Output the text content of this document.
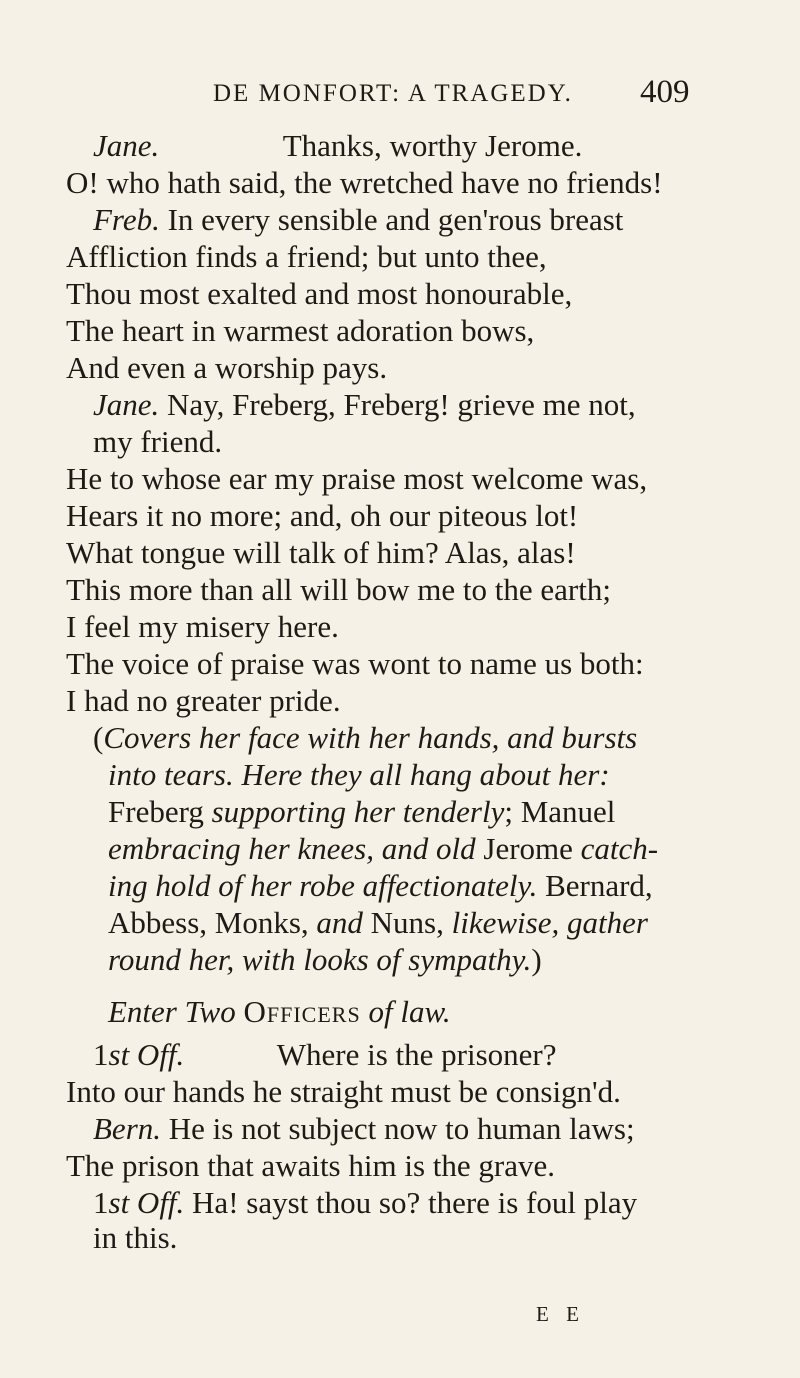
DE MONFORT: A TRAGEDY. 409
Jane.                Thanks, worthy Jerome.
O! who hath said, the wretched have no friends!
Freb. In every sensible and gen'rous breast
Affliction finds a friend; but unto thee,
Thou most exalted and most honourable,
The heart in warmest adoration bows,
And even a worship pays.
Jane. Nay, Freberg, Freberg! grieve me not,
my friend.
He to whose ear my praise most welcome was,
Hears it no more; and, oh our piteous lot!
What tongue will talk of him? Alas, alas!
This more than all will bow me to the earth;
I feel my misery here.
The voice of praise was wont to name us both:
I had no greater pride.
(Covers her face with her hands, and bursts
into tears. Here they all hang about her:
Freberg supporting her tenderly; Manuel
embracing her knees, and old Jerome catch-
ing hold of her robe affectionately. Bernard,
Abbess, Monks, and Nuns, likewise, gather
round her, with looks of sympathy.)
Enter Two Officers of law.
1st Off.            Where is the prisoner?
Into our hands he straight must be consign'd.
Bern. He is not subject now to human laws;
The prison that awaits him is the grave.
1st Off. Ha! sayst thou so? there is foul play
in this.
E E
